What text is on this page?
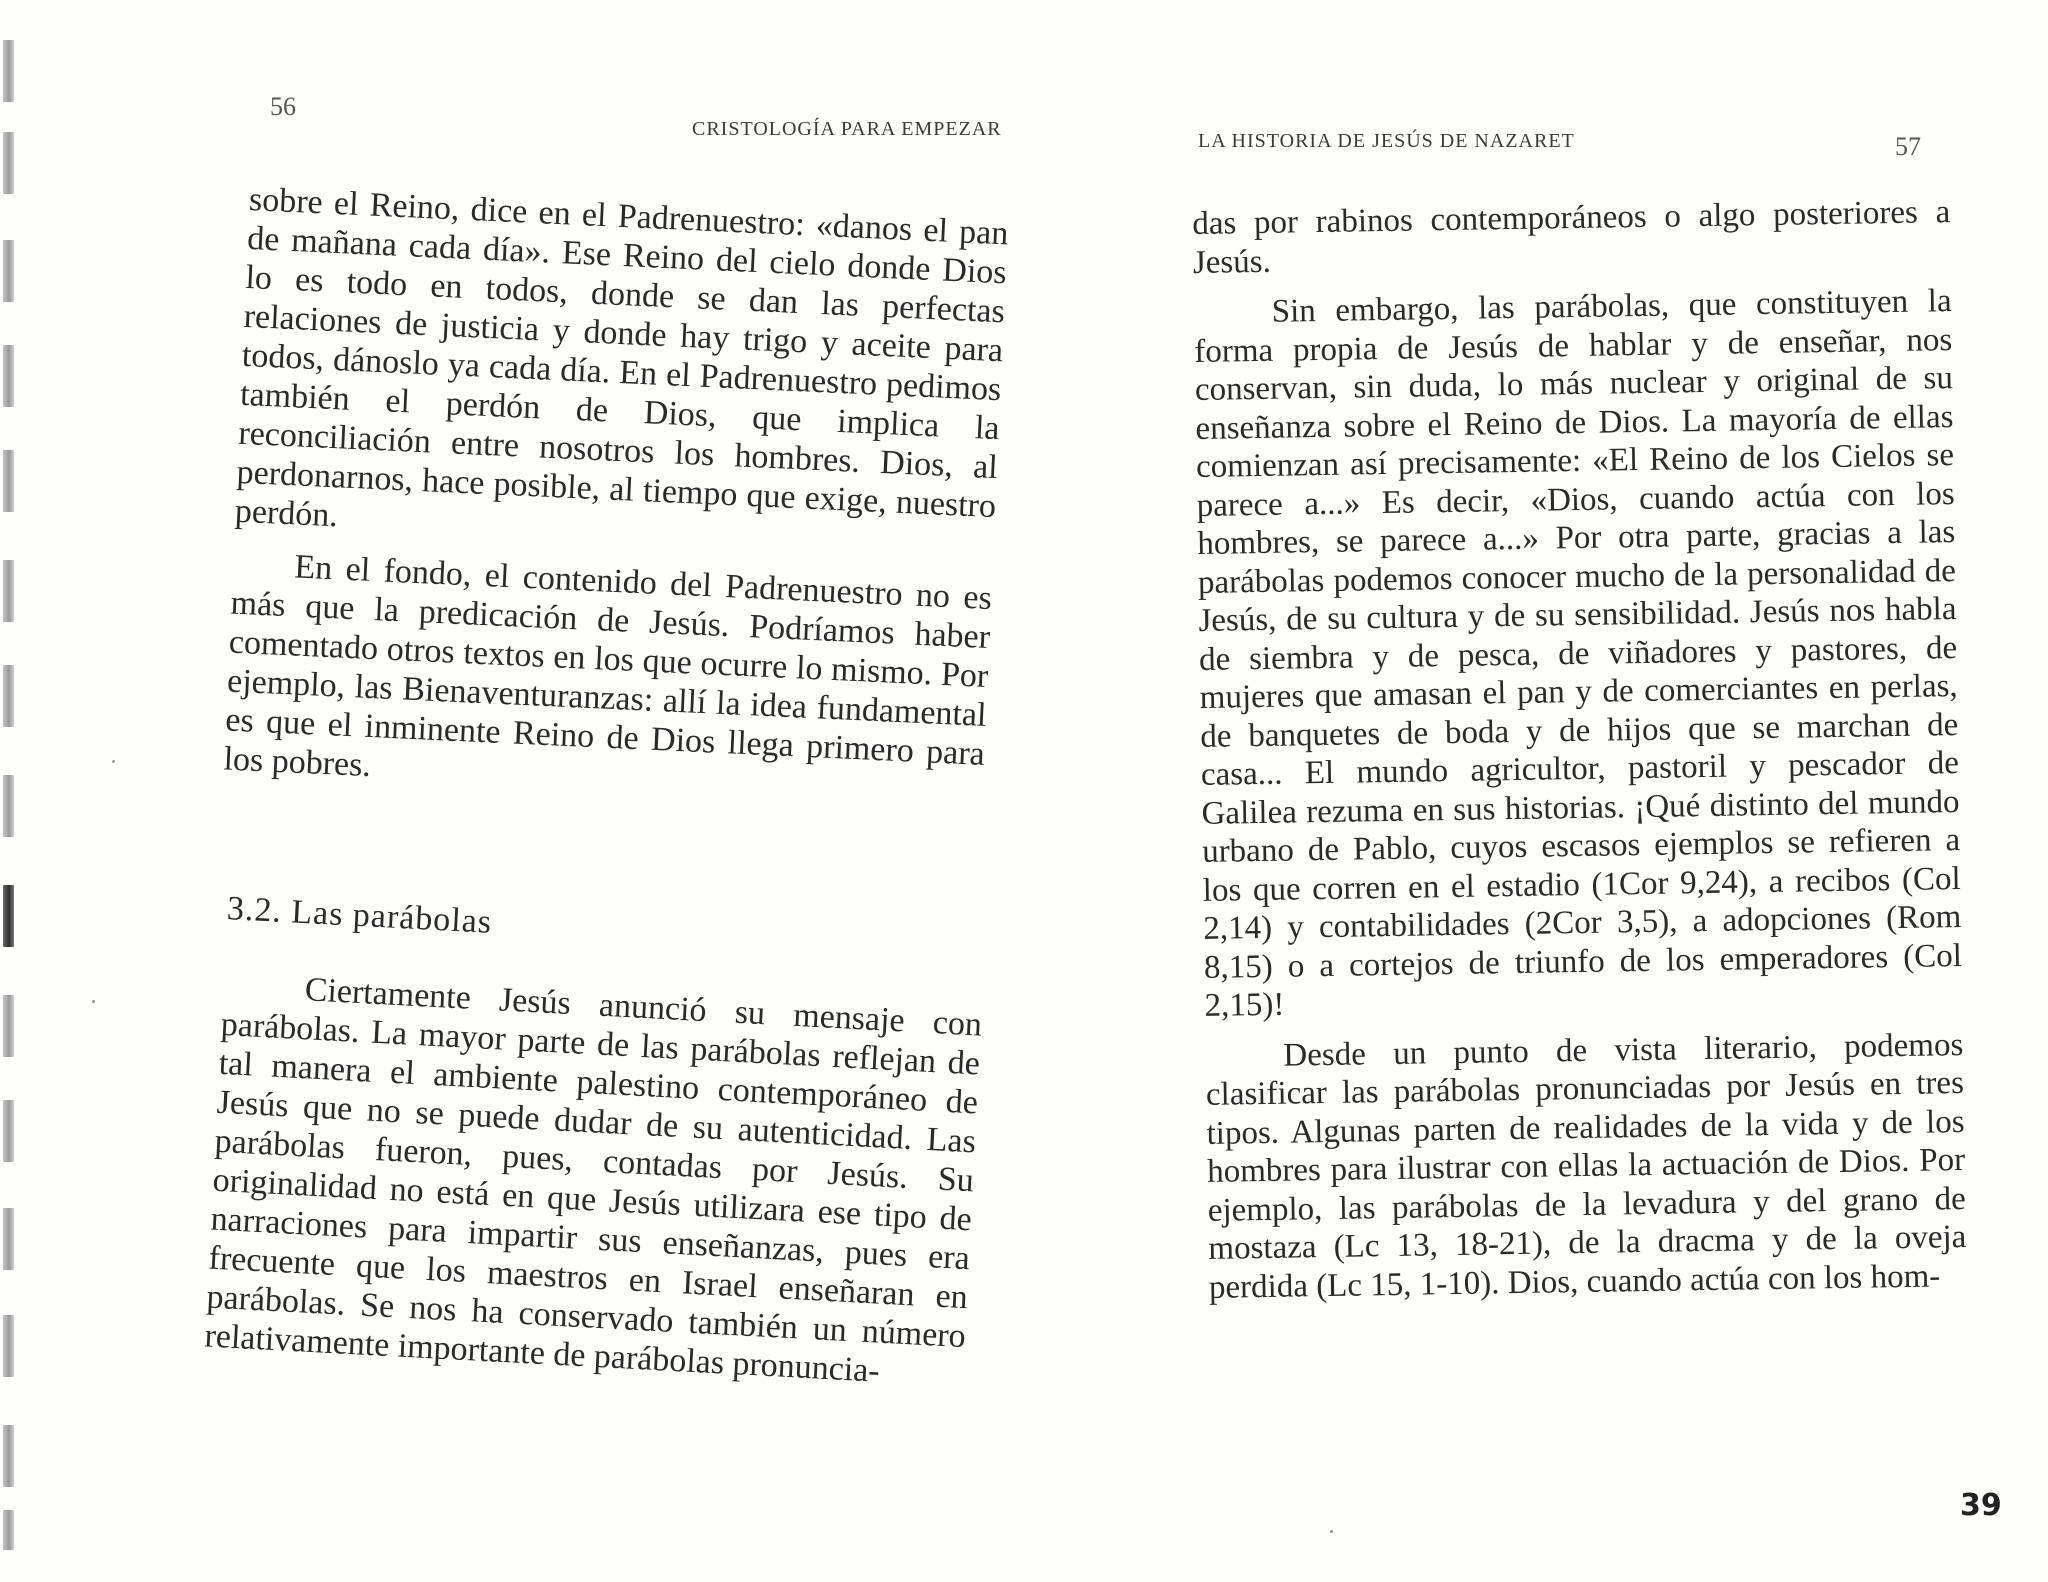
56
CRISTOLOGÍA PARA EMPEZAR

sobre el Reino, dice en el Padrenuestro: «danos el pan de mañana cada día». Ese Reino del cielo donde Dios lo es todo en todos, donde se dan las perfectas relaciones de justicia y donde hay trigo y aceite para todos, dánoslo ya cada día. En el Padrenuestro pedimos también el perdón de Dios, que implica la reconciliación entre nosotros los hombres. Dios, al perdonarnos, hace posible, al tiempo que exige, nuestro perdón.

En el fondo, el contenido del Padrenuestro no es más que la predicación de Jesús. Podríamos haber comentado otros textos en los que ocurre lo mismo. Por ejemplo, las Bienaventuranzas: allí la idea fundamental es que el inminente Reino de Dios llega primero para los pobres.

3.2. Las parábolas

Ciertamente Jesús anunció su mensaje con parábolas. La mayor parte de las parábolas reflejan de tal manera el ambiente palestino contemporáneo de Jesús que no se puede dudar de su autenticidad. Las parábolas fueron, pues, contadas por Jesús. Su originalidad no está en que Jesús utilizara ese tipo de narraciones para impartir sus enseñanzas, pues era frecuente que los maestros en Israel enseñaran en parábolas. Se nos ha conservado también un número relativamente importante de parábolas pronuncia-

LA HISTORIA DE JESÚS DE NAZARET	57

das por rabinos contemporáneos o algo posteriores a Jesús.

Sin embargo, las parábolas, que constituyen la forma propia de Jesús de hablar y de enseñar, nos conservan, sin duda, lo más nuclear y original de su enseñanza sobre el Reino de Dios. La mayoría de ellas comienzan así precisamente: «El Reino de los Cielos se parece a...» Es decir, «Dios, cuando actúa con los hombres, se parece a...» Por otra parte, gracias a las parábolas podemos conocer mucho de la personalidad de Jesús, de su cultura y de su sensibilidad. Jesús nos habla de siembra y de pesca, de viñadores y pastores, de mujeres que amasan el pan y de comerciantes en perlas, de banquetes de boda y de hijos que se marchan de casa... El mundo agricultor, pastoril y pescador de Galilea rezuma en sus historias. ¡Qué distinto del mundo urbano de Pablo, cuyos escasos ejemplos se refieren a los que corren en el estadio (1Cor 9,24), a recibos (Col 2,14) y contabilidades (2Cor 3,5), a adopciones (Rom 8,15) o a cortejos de triunfo de los emperadores (Col 2,15)!

Desde un punto de vista literario, podemos clasificar las parábolas pronunciadas por Jesús en tres tipos. Algunas parten de realidades de la vida y de los hombres para ilustrar con ellas la actuación de Dios. Por ejemplo, las parábolas de la levadura y del grano de mostaza (Lc 13, 18-21), de la dracma y de la oveja perdida (Lc 15, 1-10). Dios, cuando actúa con los hom-

39
